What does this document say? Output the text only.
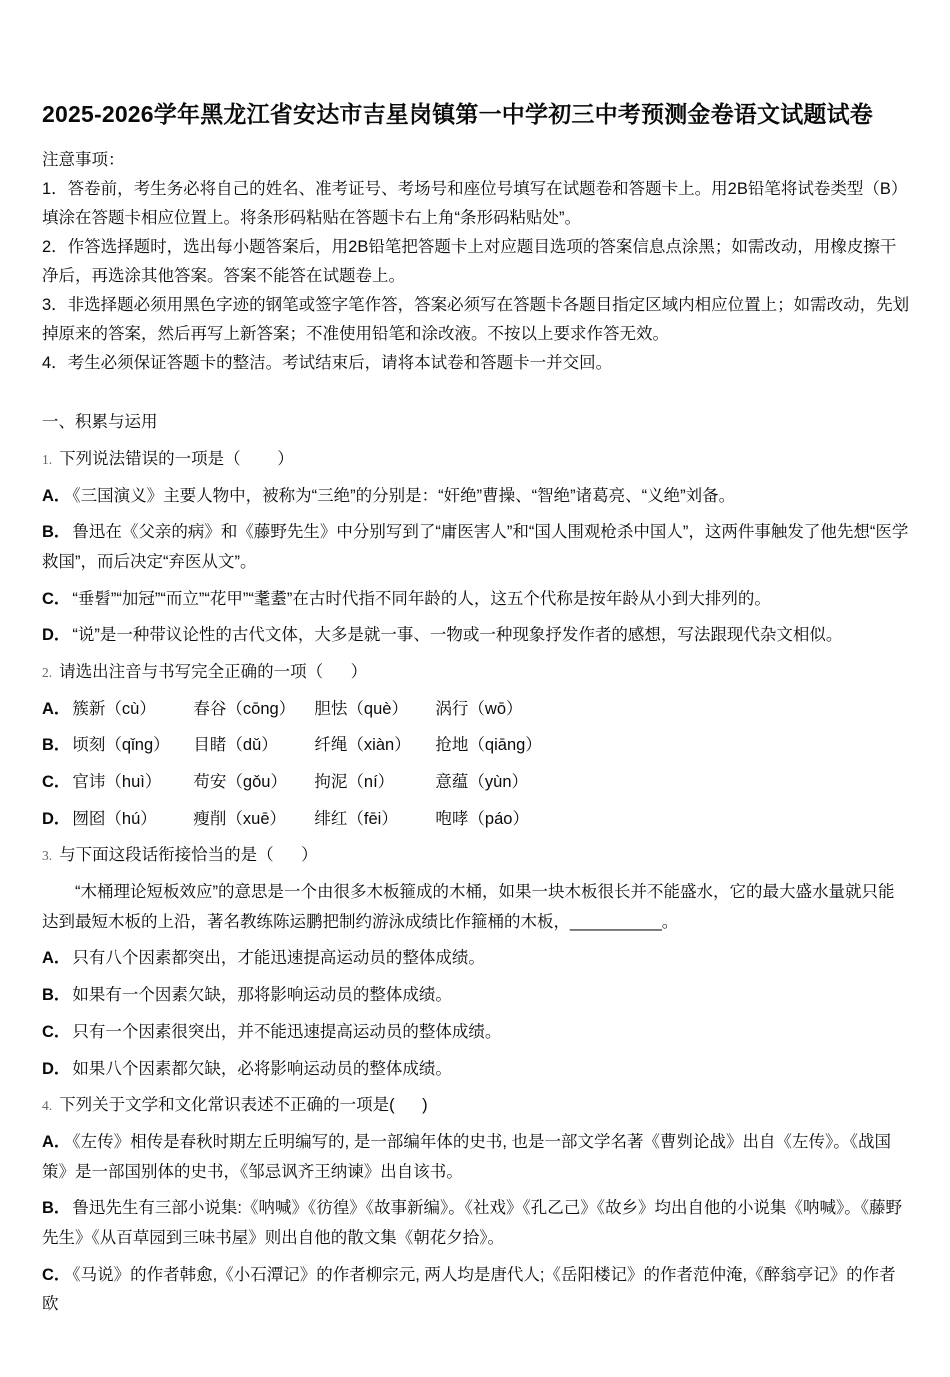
2025-2026学年黑龙江省安达市吉星岗镇第一中学初三中考预测金卷语文试题试卷

注意事项：

1．答卷前，考生务必将自己的姓名、准考证号、考场号和座位号填写在试题卷和答题卡上。用2B铅笔将试卷类型（B）填涂在答题卡相应位置上。将条形码粘贴在答题卡右上角“条形码粘贴处”。

2．作答选择题时，选出每小题答案后，用2B铅笔把答题卡上对应题目选项的答案信息点涂黑；如需改动，用橡皮擦干净后，再选涂其他答案。答案不能答在试题卷上。

3．非选择题必须用黑色字迹的钢笔或签字笔作答，答案必须写在答题卡各题目指定区域内相应位置上；如需改动，先划掉原来的答案，然后再写上新答案；不准使用铅笔和涂改液。不按以上要求作答无效。

4．考生必须保证答题卡的整洁。考试结束后，请将本试卷和答题卡一并交回。

一、积累与运用

1. 下列说法错误的一项是（        ）

A． 《三国演义》主要人物中，被称为“三绝”的分别是：“奸绝”曹操、“智绝”诸葛亮、“义绝”刘备。

B． 鲁迅在《父亲的病》和《藤野先生》中分别写到了“庸医害人”和“国人围观枪杀中国人”，这两件事触发了他先想“医学救国”，而后决定“弃医从文”。

C． “垂髫”“加冠”“而立”“花甲”“耄耋”在古时代指不同年龄的人，这五个代称是按年龄从小到大排列的。

D． “说”是一种带议论性的古代文体，大多是就一事、一物或一种现象抒发作者的感想，写法跟现代杂文相似。

2. 请选出注音与书写完全正确的一项（      ）

A． 簇新（cù） 春谷（cōng） 胆怯（què） 涡行（wō）

B． 顷刻（qǐng） 目睹（dǔ） 纤绳（xiàn） 抢地（qiāng）

C． 官讳（huì） 苟安（gǒu） 拘泥（ní） 意蕴（yùn）

D． 囫囵（hú） 瘦削（xuē） 绯红（fēi） 咆哮（páo）

3. 与下面这段话衔接恰当的是（      ）

“木桶理论短板效应”的意思是一个由很多木板箍成的木桶，如果一块木板很长并不能盛水，它的最大盛水量就只能达到最短木板的上沿，著名教练陈运鹏把制约游泳成绩比作箍桶的木板，__________。

A． 只有八个因素都突出，才能迅速提高运动员的整体成绩。

B． 如果有一个因素欠缺，那将影响运动员的整体成绩。

C． 只有一个因素很突出，并不能迅速提高运动员的整体成绩。

D． 如果八个因素都欠缺，必将影响运动员的整体成绩。

4. 下列关于文学和文化常识表述不正确的一项是(      )

A． 《左传》相传是春秋时期左丘明编写的, 是一部编年体的史书, 也是一部文学名著《曹刿论战》出自《左传》。《战国策》是一部国别体的史书，《邹忌讽齐王纳谏》出自该书。

B． 鲁迅先生有三部小说集:《呐喊》《彷徨》《故事新编》。《社戏》《孔乙己》《故乡》均出自他的小说集《呐喊》。《藤野先生》《从百草园到三味书屋》则出自他的散文集《朝花夕拾》。

C． 《马说》的作者韩愈,《小石潭记》的作者柳宗元, 两人均是唐代人;《岳阳楼记》的作者范仲淹,《醉翁亭记》的作者欧
